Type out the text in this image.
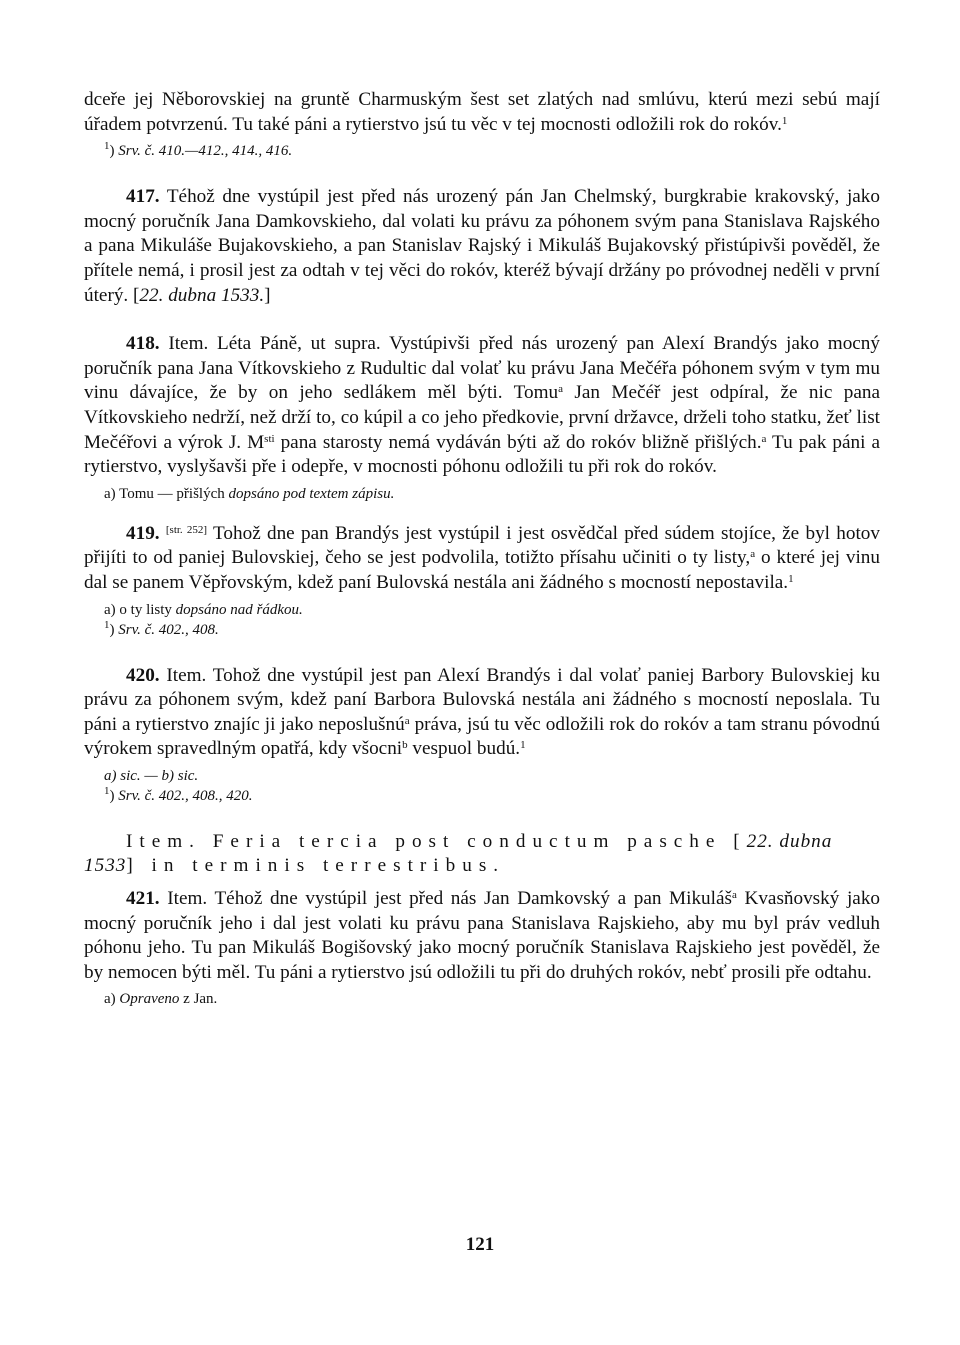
dceře jej Něborovskiej na gruntě Charmuským šest set zlatých nad smlúvu, kterú mezi sebú mají úřadem potvrzenú. Tu také páni a rytierstvo jsú tu věc v tej mocnosti odložili rok do rokóv.$^1$

$^1$) Srv. č. 410.—412., 414., 416.

417. Téhož dne vystúpil jest před nás urozený pán Jan Chelmský, burgkrabie krakovský, jako mocný poručník Jana Damkovskieho, dal volati ku právu za póhonem svým pana Stanislava Rajského a pana Mikuláše Bujakovskieho, a pan Stanislav Rajský i Mikuláš Bujakovský přistúpivši pověděl, že přítele nemá, i prosil jest za odtah v tej věci do rokóv, kteréž bývají držány po próvodnej neděli v první úterý. [22. dubna 1533.]

418. Item. Léta Páně, ut supra. Vystúpivši před nás urozený pan Alexí Brandýs jako mocný poručník pana Jana Vítkovskieho z Rudultic dal volať ku právu Jana Mečéřa póhonem svým v tym mu vinu dávajíce, že by on jeho sedlákem měl býti. Tomu$^a$ Jan Mečéř jest odpíral, že nic pana Vítkovskieho nedrží, než drží to, co kúpil a co jeho předkovie, první državce, drželi toho statku, žeť list Mečéřovi a výrok J. $M^{sti}$ pana starosty nemá vydáván býti až do rokóv bližně přišlých.$^a$ Tu pak páni a rytierstvo, vyslyšavši pře i odepře, v mocnosti póhonu odložili tu při rok do rokóv.

a) Tomu — přišlých dopsáno pod textem zápisu.

419. [str. 252] Tohož dne pan Brandýs jest vystúpil i jest osvědčal před súdem stojíce, že byl hotov přijíti to od paniej Bulovskiej, čeho se jest podvolila, totižto přísahu učiniti o ty listy,$^a$ o které jej vinu dal se panem Věpřovským, kdež paní Bulovská nestála ani žádného s mocností nepostavila.$^1$

a) o ty listy dopsáno nad řádkou.

$^1$) Srv. č. 402., 408.

420. Item. Tohož dne vystúpil jest pan Alexí Brandýs i dal volať paniej Barbory Bulovskiej ku právu za póhonem svým, kdež paní Barbora Bulovská nestála ani žádného s mocností neposlala. Tu páni a rytierstvo znajíc ji jako neposlušnú$^a$ práva, jsú tu věc odložili rok do rokóv a tam stranu póvodnú výrokem spravedlným opatřá, kdy všocni$^b$ vespuol budú.$^1$

a) sic. — b) sic.

$^1$) Srv. č. 402., 408., 420.

Item. Feria tercia post conductum pasche [22. dubna 1533] in terminis terrestribus.

421. Item. Téhož dne vystúpil jest před nás Jan Damkovský a pan Mikuláš$^a$ Kvasňovský jako mocný poručník jeho i dal jest volati ku právu pana Stanislava Rajskieho, aby mu byl práv vedluh póhonu jeho. Tu pan Mikuláš Bogišovský jako mocný poručník Stanislava Rajskieho jest pověděl, že by nemocen býti měl. Tu páni a rytierstvo jsú odložili tu při do druhých rokóv, nebť prosili pře odtahu.

a) Opraveno z Jan.

121
